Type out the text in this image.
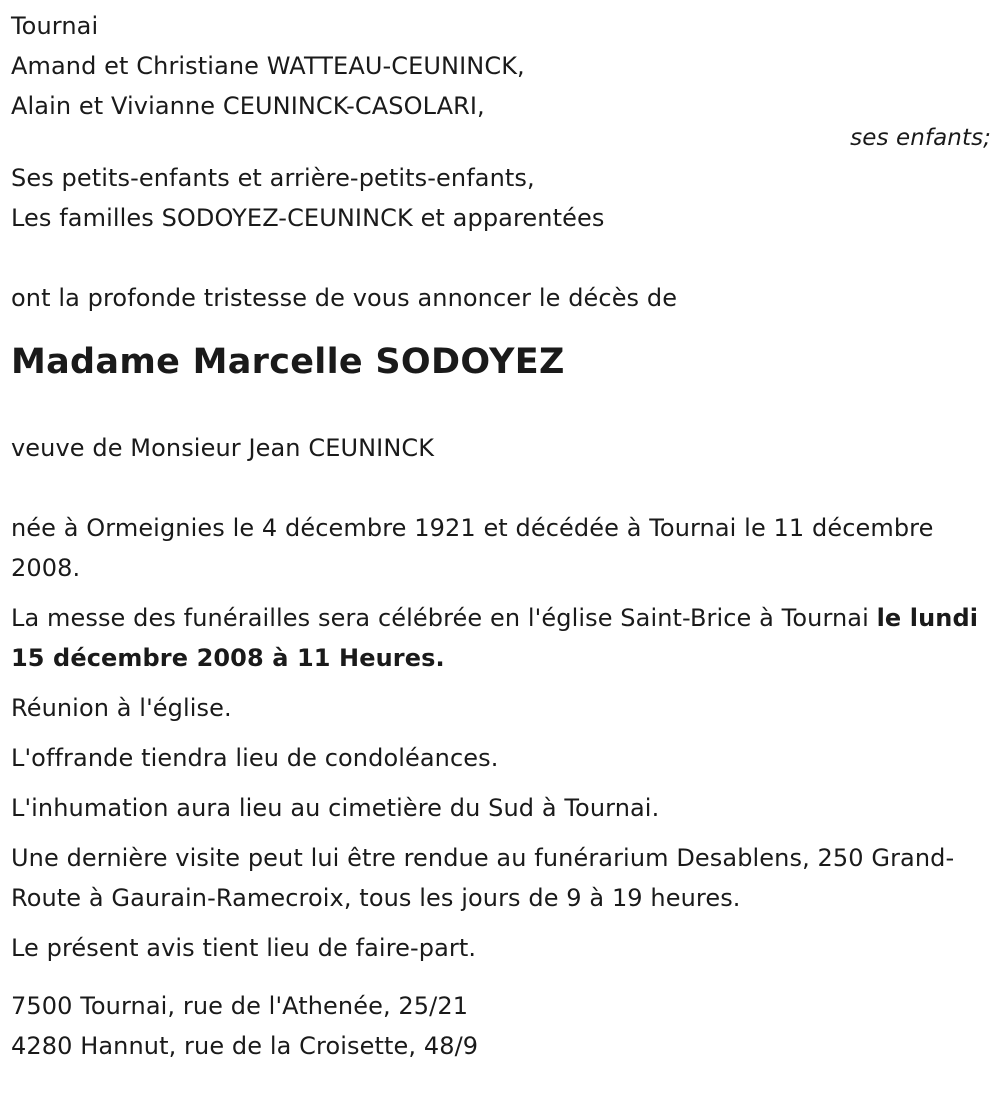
Tournai
Amand et Christiane WATTEAU-CEUNINCK,
Alain et Vivianne CEUNINCK-CASOLARI,
ses enfants;
Ses petits-enfants et arrière-petits-enfants,
Les familles SODOYEZ-CEUNINCK et apparentées
ont la profonde tristesse de vous annoncer le décès de
Madame Marcelle SODOYEZ
veuve de Monsieur Jean CEUNINCK
née à Ormeignies le 4 décembre 1921 et décédée à Tournai le 11 décembre 2008.
La messe des funérailles sera célébrée en l'église Saint-Brice à Tournai le lundi 15 décembre 2008 à 11 Heures.
Réunion à l'église.
L'offrande tiendra lieu de condoléances.
L'inhumation aura lieu au cimetière du Sud à Tournai.
Une dernière visite peut lui être rendue au funérarium Desablens, 250 Grand-Route à Gaurain-Ramecroix, tous les jours de 9 à 19 heures.
Le présent avis tient lieu de faire-part.
7500 Tournai, rue de l'Athenée, 25/21
4280 Hannut, rue de la Croisette, 48/9
